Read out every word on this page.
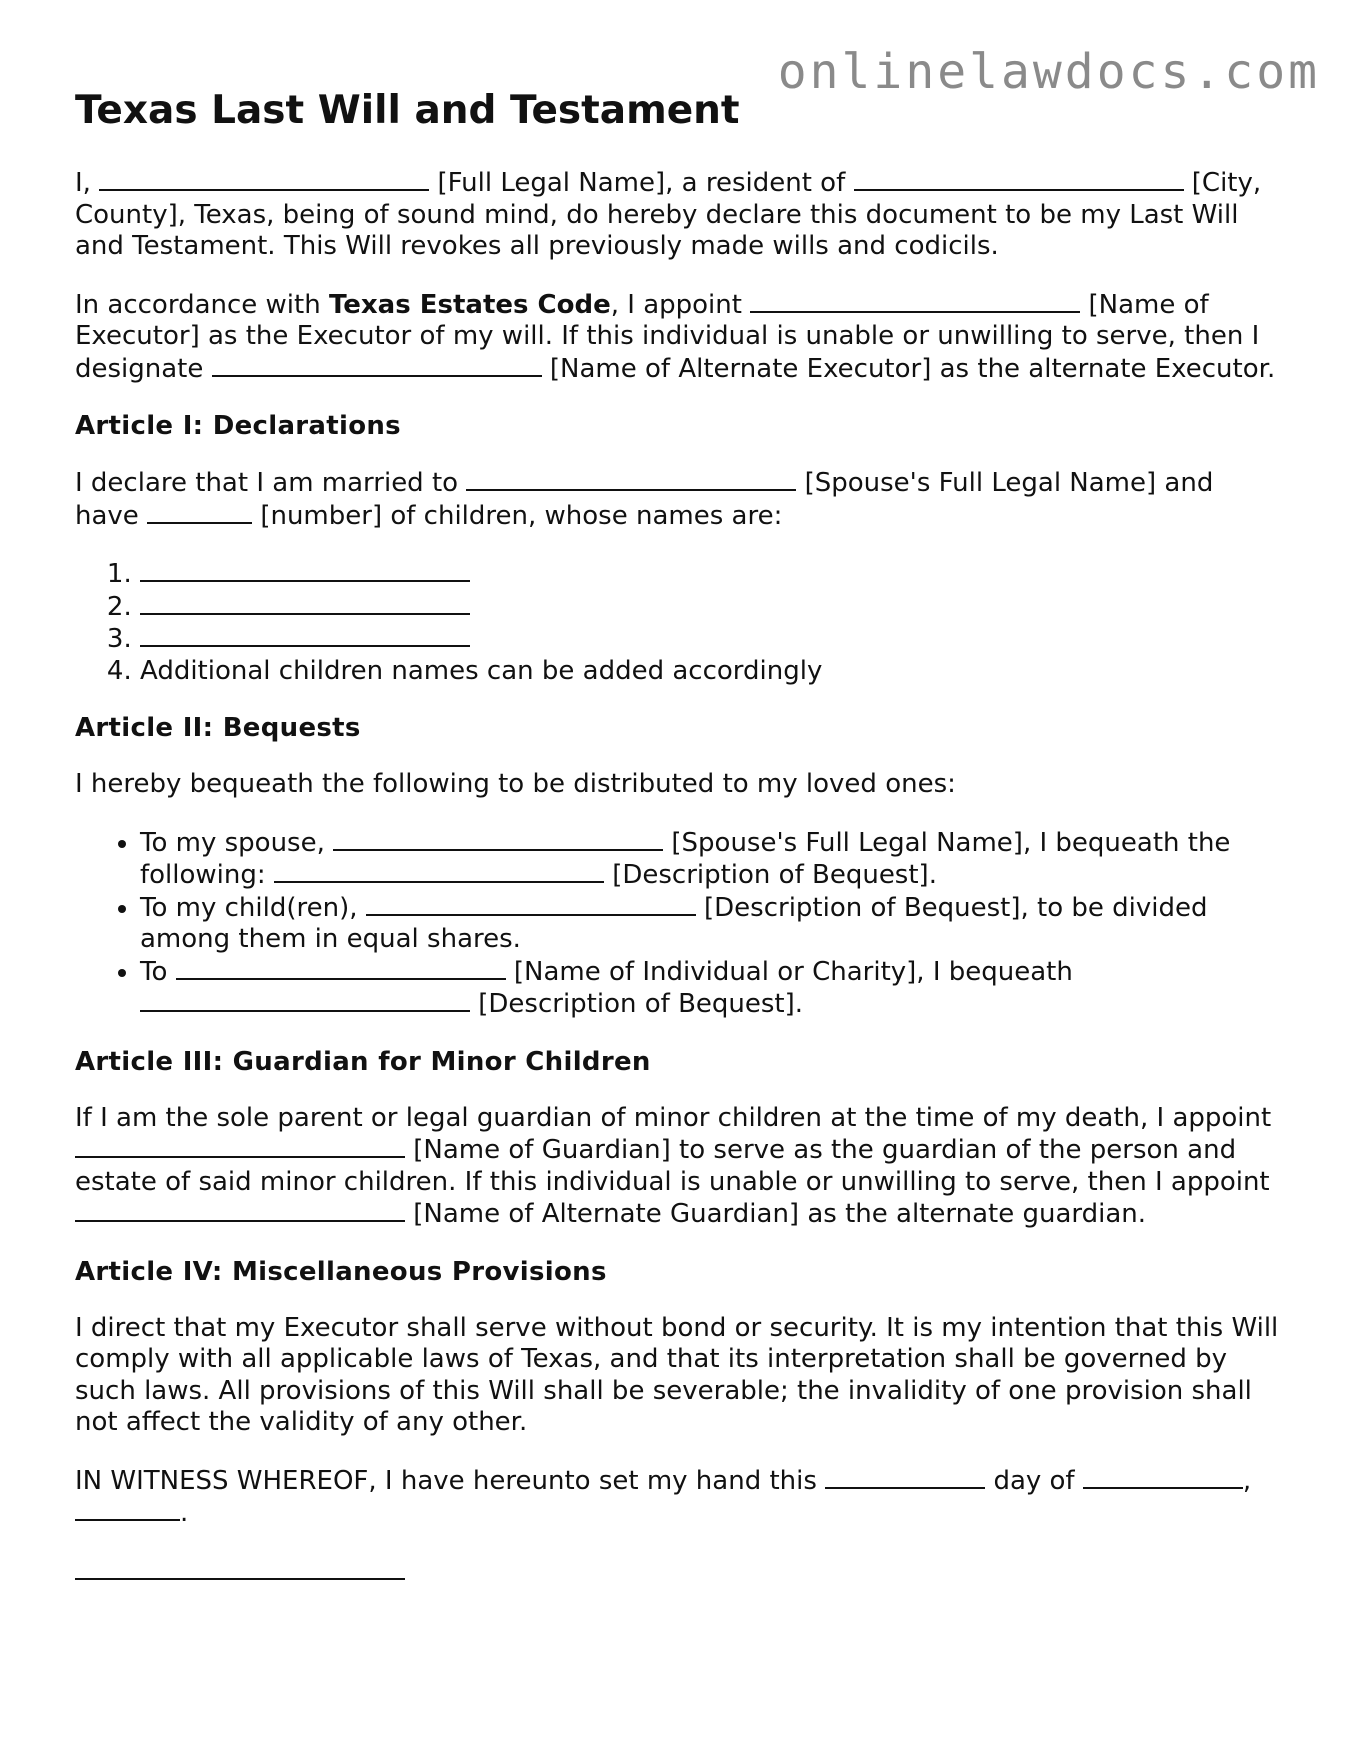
onlinelawdocs.com
Texas Last Will and Testament

I,	[Full Legal Name], a resident of	[City, County], Texas, being of sound mind, do hereby declare this document to be my Last Will and Testament. This Will revokes all previously made wills and codicils.

In accordance with Texas Estates Code, I appoint	[Name of Executor] as the Executor of my will. If this individual is unable or unwilling to serve, then I designate	[Name of Alternate Executor] as the alternate Executor.

Article I: Declarations

I declare that I am married to	[Spouse's Full Legal Name] and have	[number] of children, whose names are:

1.
2.
3.
4. Additional children names can be added accordingly
Article II: Bequests

I hereby bequeath the following to be distributed to my loved ones:

• To my spouse,	[Spouse's Full Legal Name], I bequeath the following:	[Description of Bequest].
• To my child(ren),	[Description of Bequest], to be divided among them in equal shares.
• To	[Name of Individual or Charity], I bequeath  [Description of Bequest].
Article III: Guardian for Minor Children

If I am the sole parent or legal guardian of minor children at the time of my death, I appoint  [Name of Guardian] to serve as the guardian of the person and estate of said minor children. If this individual is unable or unwilling to serve, then I appoint  [Name of Alternate Guardian] as the alternate guardian.

Article IV: Miscellaneous Provisions

I direct that my Executor shall serve without bond or security. It is my intention that this Will comply with all applicable laws of Texas, and that its interpretation shall be governed by such laws. All provisions of this Will shall be severable; the invalidity of one provision shall not affect the validity of any other.

IN WITNESS WHEREOF, I have hereunto set my hand this	day of	, .
